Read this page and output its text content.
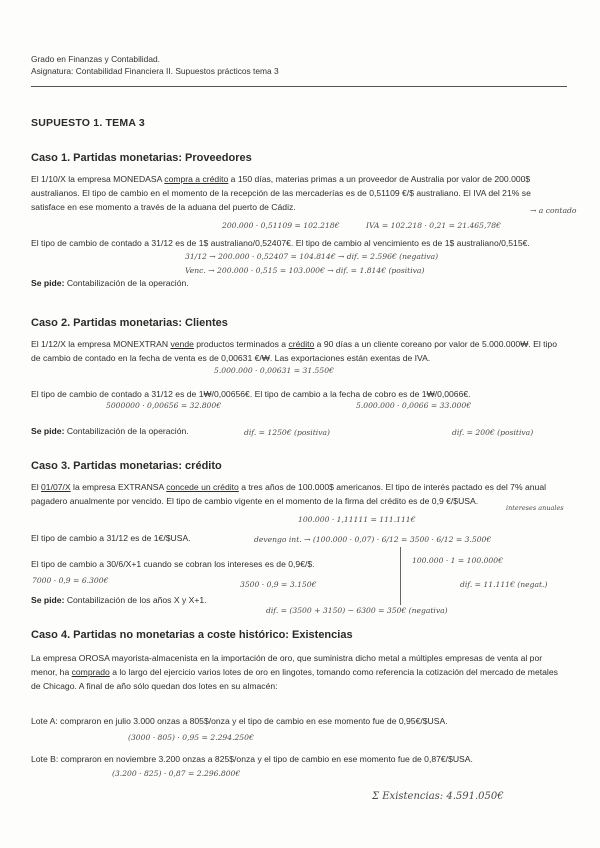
Grado en Finanzas y Contabilidad.
Asignatura: Contabilidad Financiera II. Supuestos prácticos tema 3
SUPUESTO 1. TEMA 3
Caso 1. Partidas monetarias: Proveedores
El 1/10/X la empresa MONEDASA compra a crédito a 150 días, materias primas a un proveedor de Australia por valor de 200.000$ australianos. El tipo de cambio en el momento de la recepción de las mercaderías es de 0,51109 €/$ australiano. El IVA del 21% se satisface en ese momento a través de la aduana del puerto de Cádiz.
El tipo de cambio de contado a 31/12 es de 1$ australiano/0,52407€. El tipo de cambio al vencimiento es de 1$ australiano/0,515€.
Se pide: Contabilización de la operación.
200.000 · 0,51109 = 102.218€	IVA = 102.218 · 0,21 = 21.465,78€
→ a contado
31/12 → 200.000 · 0,52407 = 104.814€ → dif. = 2.596€ (negativa)
Venc. → 200.000 · 0,515 = 103.000€ → dif. = 1.814€ (positiva)
Caso 2. Partidas monetarias: Clientes
El 1/12/X la empresa MONEXTRAN vende productos terminados a crédito a 90 días a un cliente coreano por valor de 5.000.000₩. El tipo de cambio de contado en la fecha de venta es de 0,00631 €/₩. Las exportaciones están exentas de IVA.
El tipo de cambio de contado a 31/12 es de 1₩/0,00656€. El tipo de cambio a la fecha de cobro es de 1₩/0,0066€.
Se pide: Contabilización de la operación.
5.000.000 · 0,00631 = 31.550€
5000000 · 0,00656 = 32.800€	5.000.000 · 0,0066 = 33.000€
dif. = 1250€ (positiva)	dif. = 200€ (positiva)
Caso 3. Partidas monetarias: crédito
El 01/07/X la empresa EXTRANSA concede un crédito a tres años de 100.000$ americanos. El tipo de interés pactado es del 7% anual pagadero anualmente por vencido. El tipo de cambio vigente en el momento de la firma del crédito es de 0,9 €/$USA.
El tipo de cambio a 31/12 es de 1€/$USA.
El tipo de cambio a 30/6/X+1 cuando se cobran los intereses es de 0,9€/$.
Se pide: Contabilización de los años X y X+1.
100.000 · 1,11111 = 111.111€
intereses anuales
devengo int. → (100.000 · 0,07) · 6/12 = 3500 · 6/12 = 3.500€
100.000 · 1 = 100.000€
7000 · 0,9 = 6.300€	3500 · 0,9 = 3.150€	dif. = 11.111€ (negat.)
dif. = (3500 + 3150) − 6300 = 350€ (negativa)
Caso 4. Partidas no monetarias a coste histórico: Existencias
La empresa OROSA mayorista-almacenista en la importación de oro, que suministra dicho metal a múltiples empresas de venta al por menor, ha comprado a lo largo del ejercicio varios lotes de oro en lingotes, tomando como referencia la cotización del mercado de metales de Chicago. A final de año sólo quedan dos lotes en su almacén:
Lote A: compraron en julio 3.000 onzas a 805$/onza y el tipo de cambio en ese momento fue de 0,95€/$USA.
Lote B: compraron en noviembre 3.200 onzas a 825$/onza y el tipo de cambio en ese momento fue de 0,87€/$USA.
(3000 · 805) · 0,95 = 2.294.250€
(3.200 · 825) · 0,87 = 2.296.800€
Σ Existencias: 4.591.050€
